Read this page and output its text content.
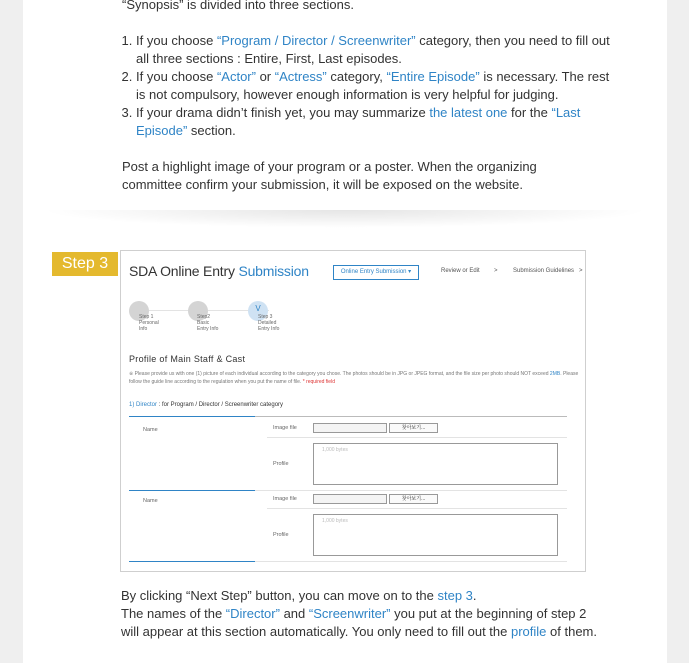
“Synopsis” is divided into three sections.
1. If you choose “Program / Director / Screenwriter” category, then you need to fill out all three sections : Entire, First, Last episodes.
2. If you choose “Actor” or “Actress” category, “Entire Episode” is necessary. The rest is not compulsory, however enough information is very helpful for judging.
3. If your drama didn’t finish yet, you may summarize the latest one for the “Last Episode” section.
Post a highlight image of your program or a poster. When the organizing committee confirm your submission, it will be exposed on the website.
Step 3	SDA Online Entry Submission	Online Entry Submission ▾	Review or Edit >	Submission Guidelines >
V
Step 1
Personal
Info
Step2
Basic
Entry Info
Step 3
Detailed
Entry Info
Profile of Main Staff & Cast
※ Please provide us with one (1) picture of each individual according to the category you chose. The photos should be in JPG or JPEG format, and the file size per photo should NOT exceed 2MB. Please follow the guide line according to the regulation when you put the name of file. * required field
1) Director : for Program / Director / Screenwriter category
Name	Image file	찾아보기...
Profile
1,000 bytes
Name	Image file	찾아보기...
Profile
1,000 bytes
By clicking “Next Step” button, you can move on to the step 3.
The names of the “Director” and “Screenwriter” you put at the beginning of step 2 will appear at this section automatically. You only need to fill out the profile of them.
